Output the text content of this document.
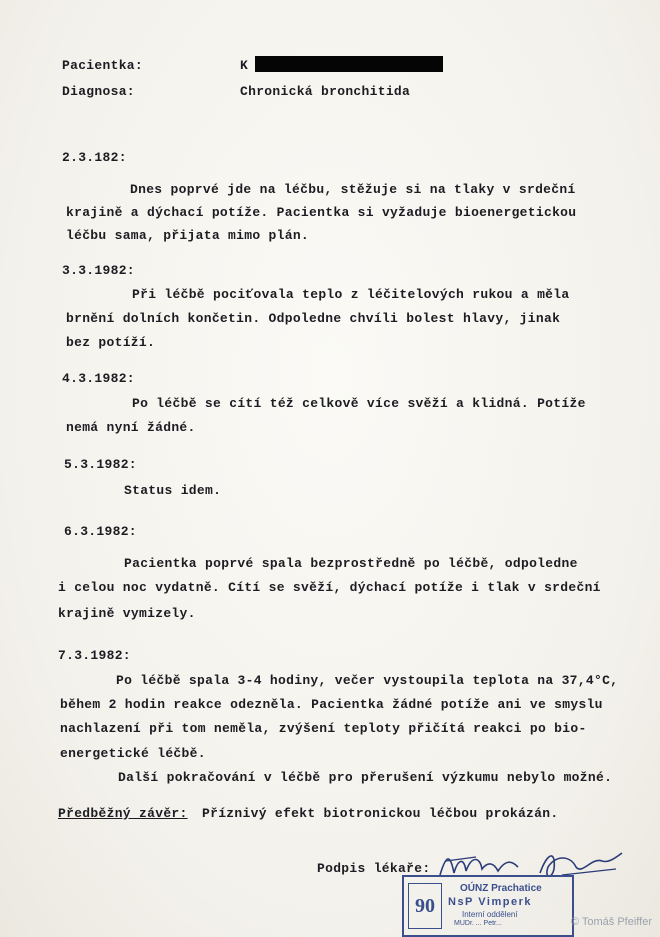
Pacientka:	K
Diagnosa:	Chronická bronchitida
2.3.182:
Dnes poprvé jde na léčbu, stěžuje si na tlaky v srdeční
krajině a dýchací potíže. Pacientka si vyžaduje bioenergetickou
léčbu sama, přijata mimo plán.
3.3.1982:
Při léčbě pociťovala teplo z léčitelových rukou a měla
brnění dolních končetin. Odpoledne chvíli bolest hlavy, jinak
bez potíží.
4.3.1982:
Po léčbě se cítí též celkově více svěží a klidná. Potíže
nemá nyní žádné.
5.3.1982:
Status idem.
6.3.1982:
Pacientka poprvé spala bezprostředně po léčbě, odpoledne
i celou noc vydatně. Cítí se svěží, dýchací potíže i tlak v srdeční
krajině vymizely.
7.3.1982:
Po léčbě spala 3-4 hodiny, večer vystoupila teplota na 37,4°C,
během 2 hodin reakce odezněla. Pacientka žádné potíže ani ve smyslu
nachlazení při tom neměla, zvýšení teploty přičítá reakci po bio-
energetické léčbě.
Další pokračování v léčbě pro přerušení výzkumu nebylo možné.
Předběžný závěr: Příznivý efekt biotronickou léčbou prokázán.
Podpis lékaře:
90
OÚNZ Prachatice
NsP Vimperk
Interní oddělení
MUDr. ... Petr...	© Tomáš Pfeiffer
